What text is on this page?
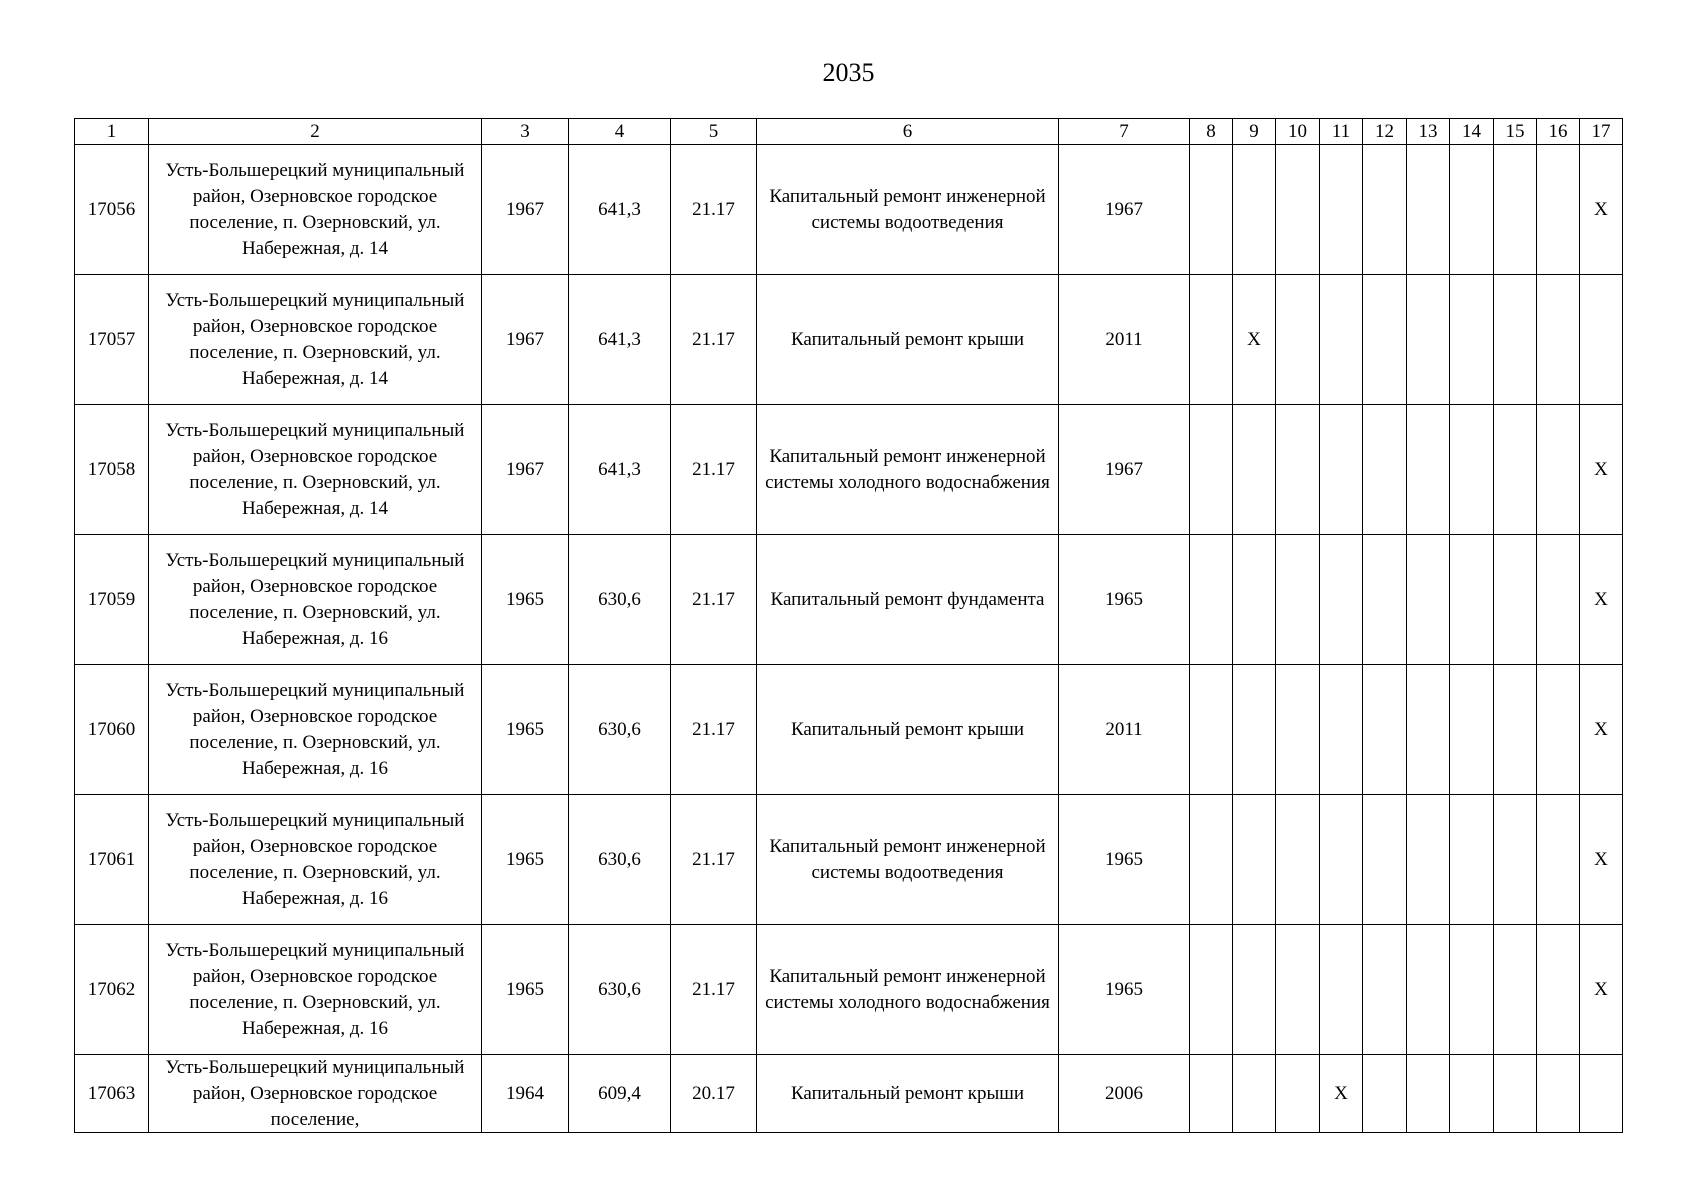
2035
1	2	3	4	5	6	7	8	9	10	11	12	13	14	15	16	17
17056	Усть-Большерецкий муниципальный район, Озерновское городское поселение, п. Озерновский, ул. Набережная, д. 14	1967	641,3	21.17	Капитальный ремонт инженерной системы водоотведения	1967										X
17057	Усть-Большерецкий муниципальный район, Озерновское городское поселение, п. Озерновский, ул. Набережная, д. 14	1967	641,3	21.17	Капитальный ремонт крыши	2011		X								
17058	Усть-Большерецкий муниципальный район, Озерновское городское поселение, п. Озерновский, ул. Набережная, д. 14	1967	641,3	21.17	Капитальный ремонт инженерной системы холодного водоснабжения	1967										X
17059	Усть-Большерецкий муниципальный район, Озерновское городское поселение, п. Озерновский, ул. Набережная, д. 16	1965	630,6	21.17	Капитальный ремонт фундамента	1965										X
17060	Усть-Большерецкий муниципальный район, Озерновское городское поселение, п. Озерновский, ул. Набережная, д. 16	1965	630,6	21.17	Капитальный ремонт крыши	2011										X
17061	Усть-Большерецкий муниципальный район, Озерновское городское поселение, п. Озерновский, ул. Набережная, д. 16	1965	630,6	21.17	Капитальный ремонт инженерной системы водоотведения	1965										X
17062	Усть-Большерецкий муниципальный район, Озерновское городское поселение, п. Озерновский, ул. Набережная, д. 16	1965	630,6	21.17	Капитальный ремонт инженерной системы холодного водоснабжения	1965										X
17063	Усть-Большерецкий муниципальный район, Озерновское городское поселение,	1964	609,4	20.17	Капитальный ремонт крыши	2006				X						
